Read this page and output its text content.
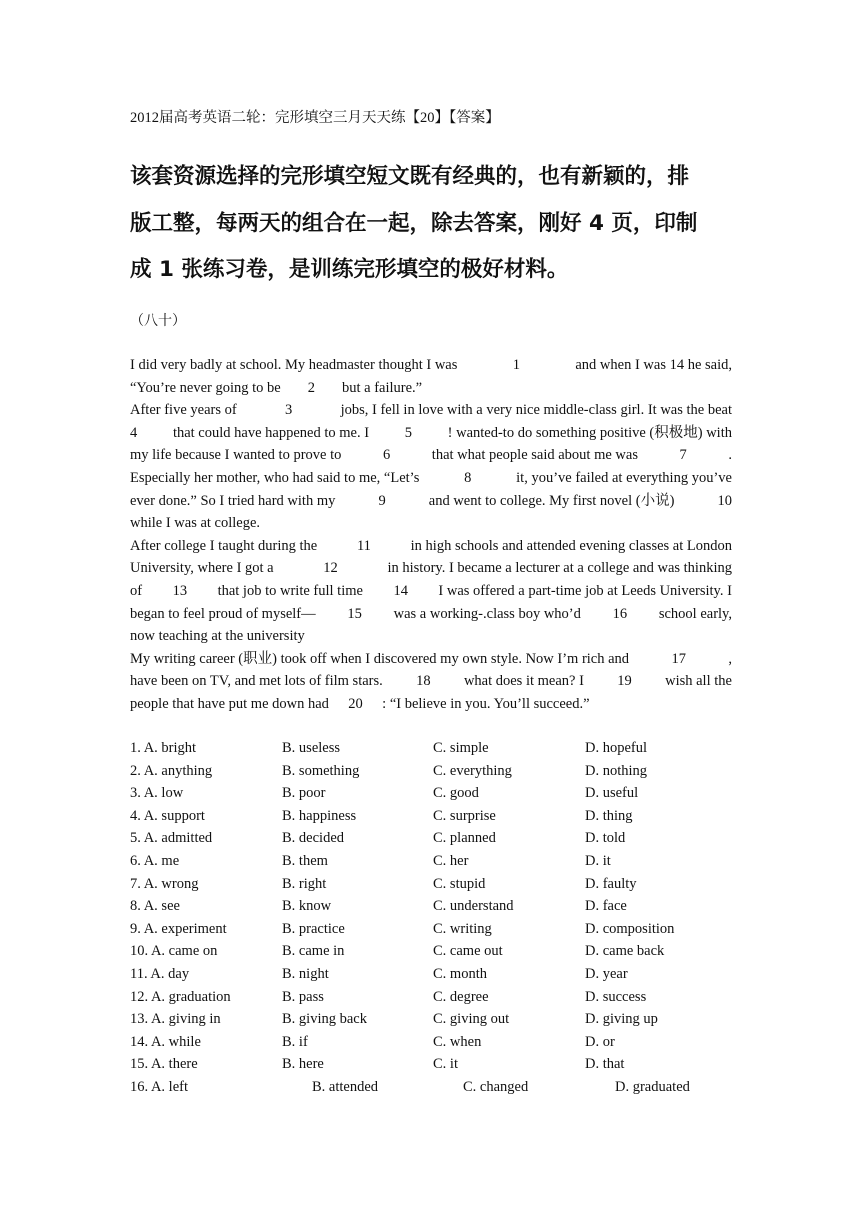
2012届高考英语二轮：完形填空三月天天练【20】【答案】
该套资源选择的完形填空短文既有经典的，也有新颖的，排
版工整，每两天的组合在一起，除去答案，刚好 4 页，印制
成 1 张练习卷，是训练完形填空的极好材料。
（八十）
I did very badly at school. My headmaster thought I was	1	and when I was 14 he said,
“You’re never going to be 2 but a failure.”
After five years of	3	jobs, I fell in love with a very nice middle-class girl. It was the beat
4 that could have happened to me. I 5 ! wanted-to do something positive (积极地) with
my life because I wanted to prove to	6	that what people said about me was	7	.
Especially her mother, who had said to me, “Let’s	8	it, you’ve failed at everything you’ve
ever done.” So I tried hard with my	9	and went to college. My first novel (小说)	10
while I was at college.
After college I taught during the	11	in high schools and attended evening classes at London
University, where I got a	12	in history. I became a lecturer at a college and was thinking
of 13 that job to write full time 14 I was offered a part-time job at Leeds University. I
began to feel proud of myself— 15 was a working-.class boy who’d 16 school early,
now teaching at the university
My writing career (职业) took off when I discovered my own style. Now I’m rich and	17	,
have been on TV, and met lots of film stars. 18 what does it mean? I 19 wish all the
people that have put me down had 20 : “I believe in you. You’ll succeed.”
1. A. bright	B. useless	C. simple	D. hopeful
2. A. anything	B. something	C. everything	D. nothing
3. A. low	B. poor	C. good	D. useful
4. A. support	B. happiness	C. surprise	D. thing
5. A. admitted	B. decided	C. planned	D. told
6. A. me	B. them	C. her	D. it
7. A. wrong	B. right	C. stupid	D. faulty
8. A. see	B. know	C. understand	D. face
9. A. experiment	B. practice	C. writing	D. composition
10. A. came on	B. came in	C. came out	D. came back
11. A. day	B. night	C. month	D. year
12. A. graduation	B. pass	C. degree	D. success
13. A. giving in	B. giving back	C. giving out	D. giving up
14. A. while	B. if	C. when	D. or
15. A. there	B. here	C. it	D. that
16. A. left	B. attended	C. changed	D. graduated
